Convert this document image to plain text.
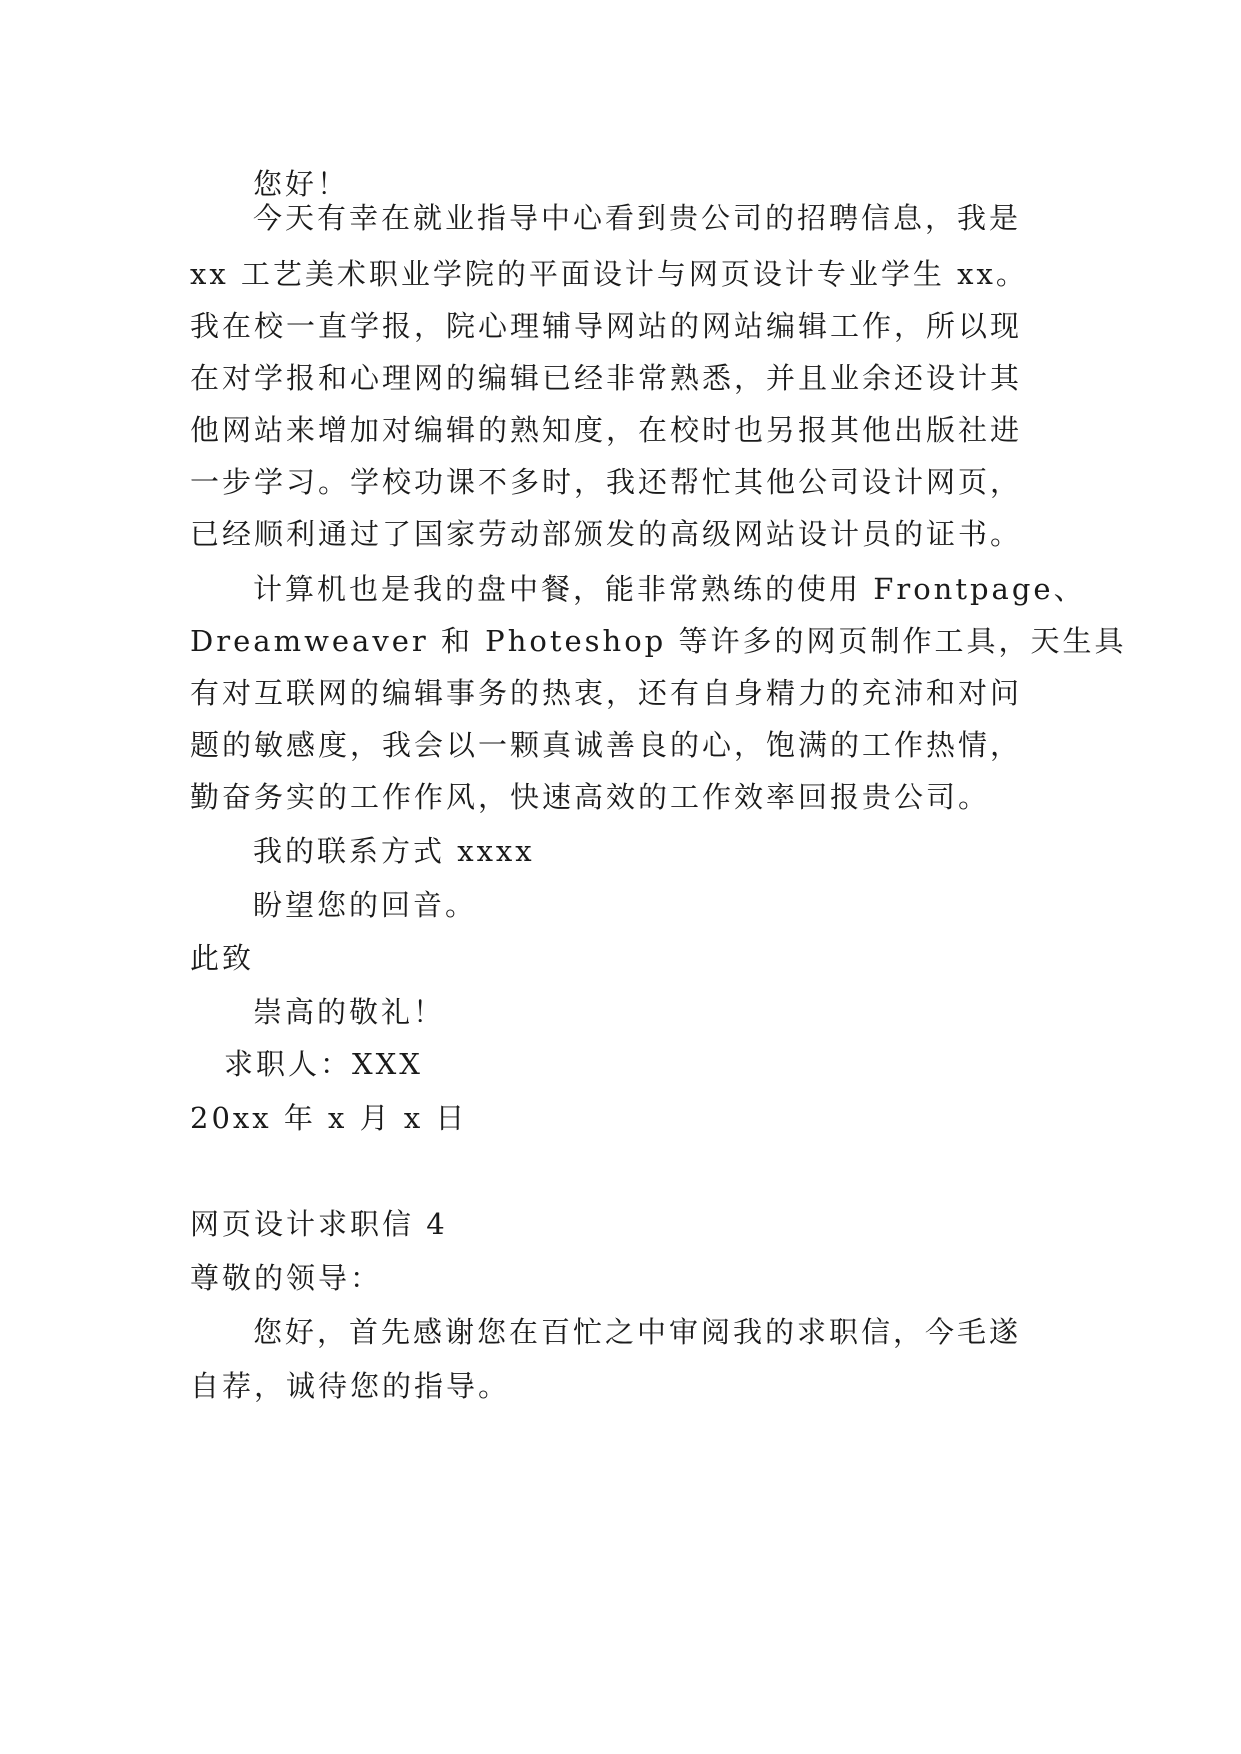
您好！
今天有幸在就业指导中心看到贵公司的招聘信息，我是
xx 工艺美术职业学院的平面设计与网页设计专业学生 xx。
我在校一直学报，院心理辅导网站的网站编辑工作，所以现
在对学报和心理网的编辑已经非常熟悉，并且业余还设计其
他网站来增加对编辑的熟知度，在校时也另报其他出版社进
一步学习。学校功课不多时，我还帮忙其他公司设计网页，
已经顺利通过了国家劳动部颁发的高级网站设计员的证书。
计算机也是我的盘中餐，能非常熟练的使用 Frontpage、
Dreamweaver 和 Photeshop 等许多的网页制作工具，天生具
有对互联网的编辑事务的热衷，还有自身精力的充沛和对问
题的敏感度，我会以一颗真诚善良的心，饱满的工作热情，
勤奋务实的工作作风，快速高效的工作效率回报贵公司。
我的联系方式 xxxx
盼望您的回音。
此致
崇高的敬礼！
求职人：XXX
20xx 年 x 月 x 日
网页设计求职信 4
尊敬的领导：
您好，首先感谢您在百忙之中审阅我的求职信，今毛遂
自荐，诚待您的指导。
